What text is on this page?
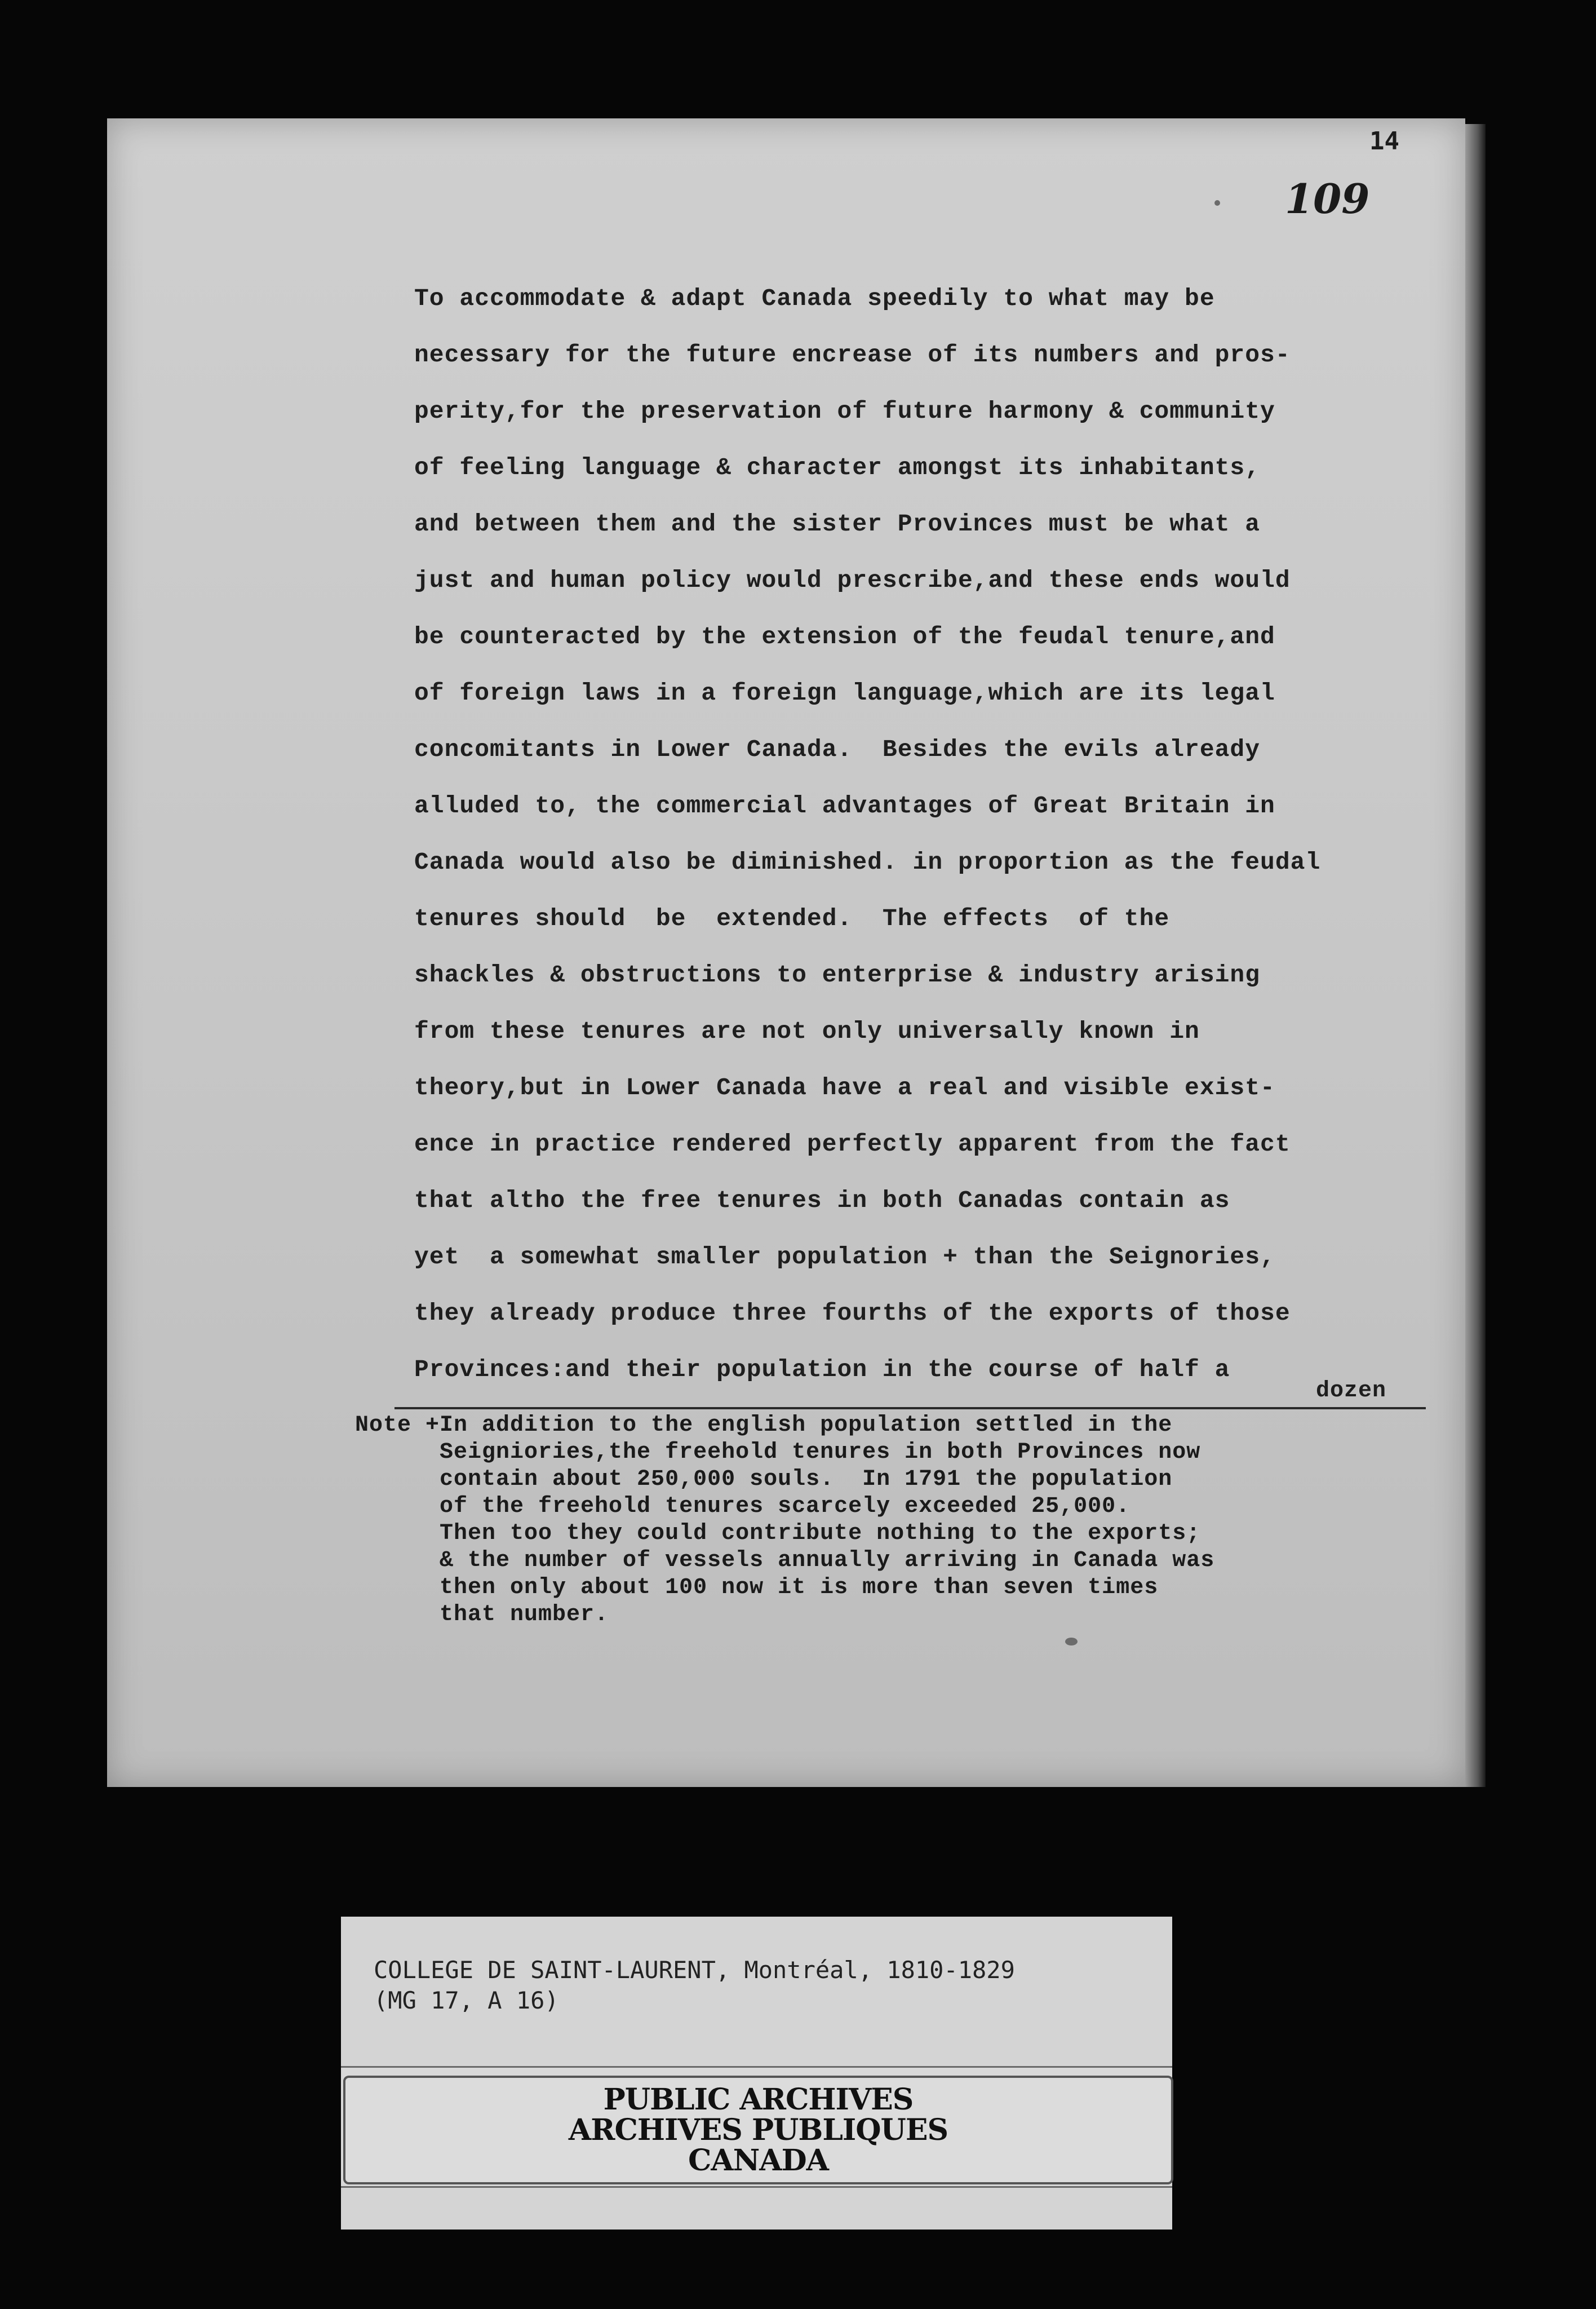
14
109
To accommodate & adapt Canada speedily to what may be
necessary for the future encrease of its numbers and pros-
perity,for the preservation of future harmony & community
of feeling language & character amongst its inhabitants,
and between them and the sister Provinces must be what a
just and human policy would prescribe,and these ends would
be counteracted by the extension of the feudal tenure,and
of foreign laws in a foreign language,which are its legal
concomitants in Lower Canada.  Besides the evils already
alluded to, the commercial advantages of Great Britain in
Canada would also be diminished. in proportion as the feudal
tenures should  be  extended.  The effects  of the
shackles & obstructions to enterprise & industry arising
from these tenures are not only universally known in
theory,but in Lower Canada have a real and visible exist-
ence in practice rendered perfectly apparent from the fact
that altho the free tenures in both Canadas contain as
yet  a somewhat smaller population + than the Seignories,
they already produce three fourths of the exports of those
Provinces:and their population in the course of half a
dozen
Note +In addition to the english population settled in the
Seigniories,the freehold tenures in both Provinces now
contain about 250,000 souls.  In 1791 the population
of the freehold tenures scarcely exceeded 25,000.
Then too they could contribute nothing to the exports;
& the number of vessels annually arriving in Canada was
then only about 100 now it is more than seven times
that number.
COLLEGE DE SAINT-LAURENT, Montréal, 1810-1829
(MG 17, A 16)
PUBLIC ARCHIVES
ARCHIVES PUBLIQUES
CANADA
